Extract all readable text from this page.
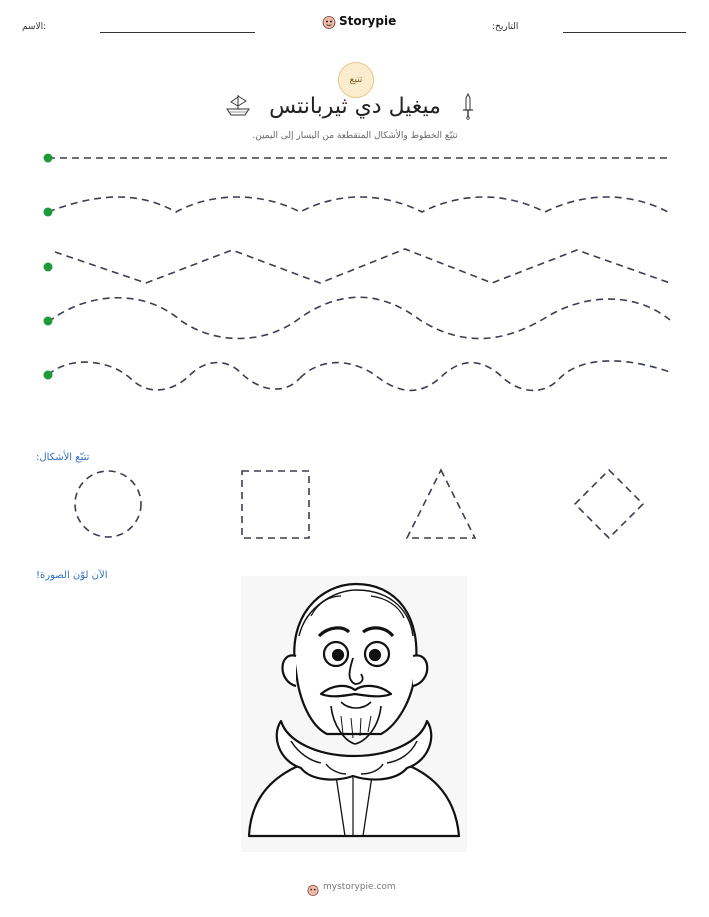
الاسم:	Storypie	التاريخ:
تتبع
ميغيل دي ثيربانتس
تتبّع الخطوط والأشكال المتقطعة من اليسار إلى اليمين.
تتبّع الأشكال:
الآن لوّن الصورة!
mystorypie.com
